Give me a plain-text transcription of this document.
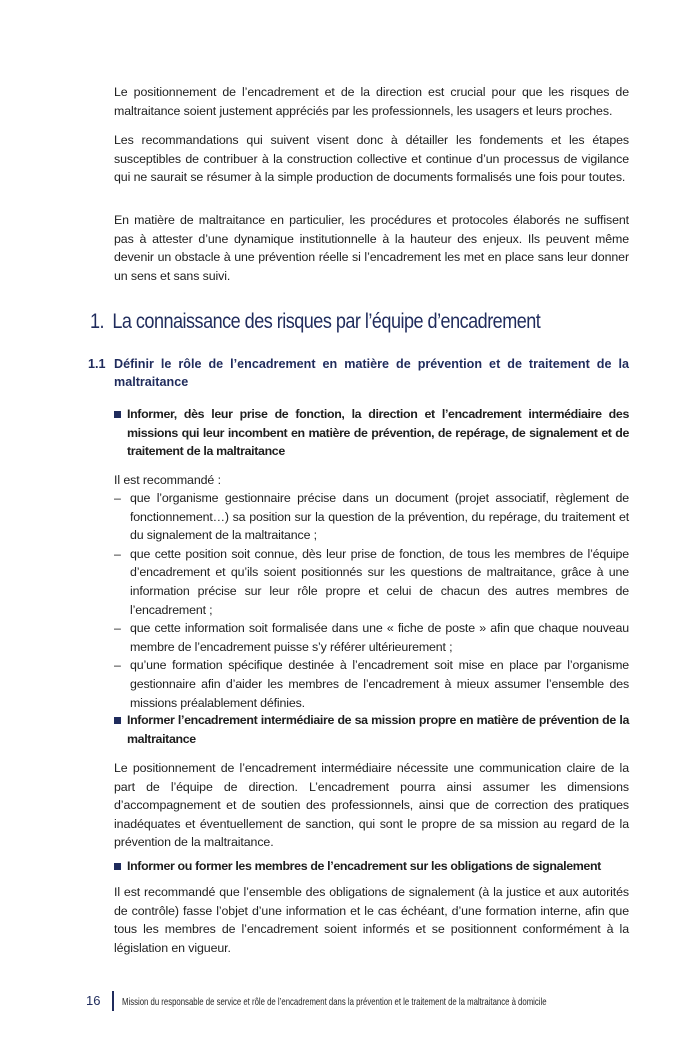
Le positionnement de l’encadrement et de la direction est crucial pour que les risques de maltraitance soient justement appréciés par les professionnels, les usagers et leurs proches.

Les recommandations qui suivent visent donc à détailler les fondements et les étapes susceptibles de contribuer à la construction collective et continue d’un processus de vigilance qui ne saurait se résumer à la simple production de documents formalisés une fois pour toutes.

En matière de maltraitance en particulier, les procédures et protocoles élaborés ne suffisent pas à attester d’une dynamique institutionnelle à la hauteur des enjeux. Ils peuvent même devenir un obstacle à une prévention réelle si l’encadrement les met en place sans leur donner un sens et sans suivi.

1. La connaissance des risques par l’équipe d’encadrement
1.1 Définir le rôle de l’encadrement en matière de prévention et de traitement de la maltraitance
Informer, dès leur prise de fonction, la direction et l’encadrement intermédiaire des missions qui leur incombent en matière de prévention, de repérage, de signalement et de traitement de la maltraitance

Il est recommandé :

– que l’organisme gestionnaire précise dans un document (projet associatif, règlement de fonctionnement…) sa position sur la question de la prévention, du repérage, du traitement et du signalement de la maltraitance ;
– que cette position soit connue, dès leur prise de fonction, de tous les membres de l’équipe d’encadrement et qu’ils soient positionnés sur les questions de maltraitance, grâce à une information précise sur leur rôle propre et celui de chacun des autres membres de l’encadrement ;
– que cette information soit formalisée dans une « fiche de poste » afin que chaque nouveau membre de l’encadrement puisse s’y référer ultérieurement ;
– qu’une formation spécifique destinée à l’encadrement soit mise en place par l’organisme gestionnaire afin d’aider les membres de l’encadrement à mieux assumer l’ensemble des missions préalablement définies.
Informer l’encadrement intermédiaire de sa mission propre en matière de prévention de la maltraitance

Le positionnement de l’encadrement intermédiaire nécessite une communication claire de la part de l’équipe de direction. L’encadrement pourra ainsi assumer les dimensions d’accompagnement et de soutien des professionnels, ainsi que de correction des pratiques inadéquates et éventuellement de sanction, qui sont le propre de sa mission au regard de la prévention de la maltraitance.

Informer ou former les membres de l’encadrement sur les obligations de signalement

Il est recommandé que l’ensemble des obligations de signalement (à la justice et aux autorités de contrôle) fasse l’objet d’une information et le cas échéant, d’une formation interne, afin que tous les membres de l’encadrement soient informés et se positionnent conformément à la législation en vigueur.

16 Mission du responsable de service et rôle de l’encadrement dans la prévention et le traitement de la maltraitance à domicile
